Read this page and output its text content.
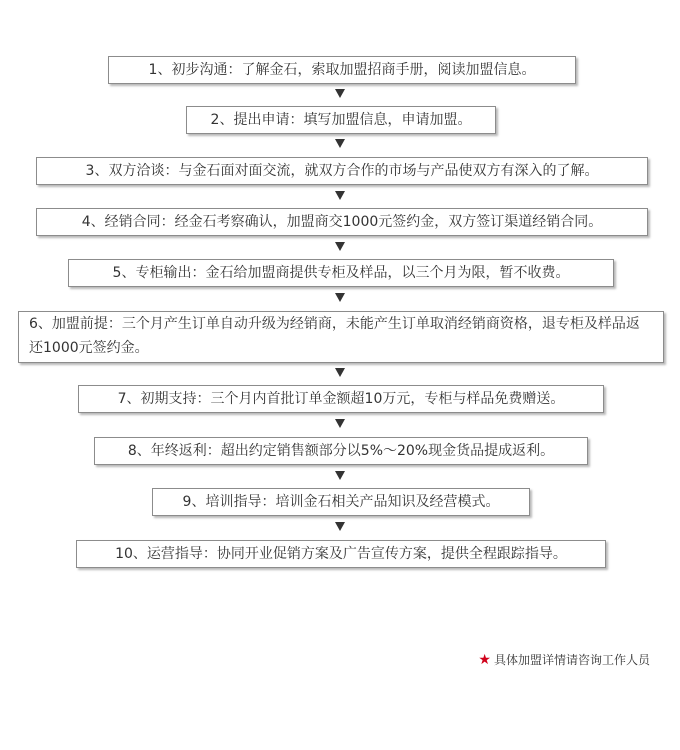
1、初步沟通：了解金石，索取加盟招商手册，阅读加盟信息。
2、提出申请：填写加盟信息，申请加盟。
3、双方洽谈：与金石面对面交流，就双方合作的市场与产品使双方有深入的了解。
4、经销合同：经金石考察确认，加盟商交1000元签约金，双方签订渠道经销合同。
5、专柜输出：金石给加盟商提供专柜及样品，以三个月为限，暂不收费。
6、加盟前提：三个月产生订单自动升级为经销商，未能产生订单取消经销商资格，退专柜及样品返还1000元签约金。
7、初期支持：三个月内首批订单金额超10万元，专柜与样品免费赠送。
8、年终返利：超出约定销售额部分以5%～20%现金货品提成返利。
9、培训指导：培训金石相关产品知识及经营模式。
10、运营指导：协同开业促销方案及广告宣传方案，提供全程跟踪指导。
★ 具体加盟详情请咨询工作人员
